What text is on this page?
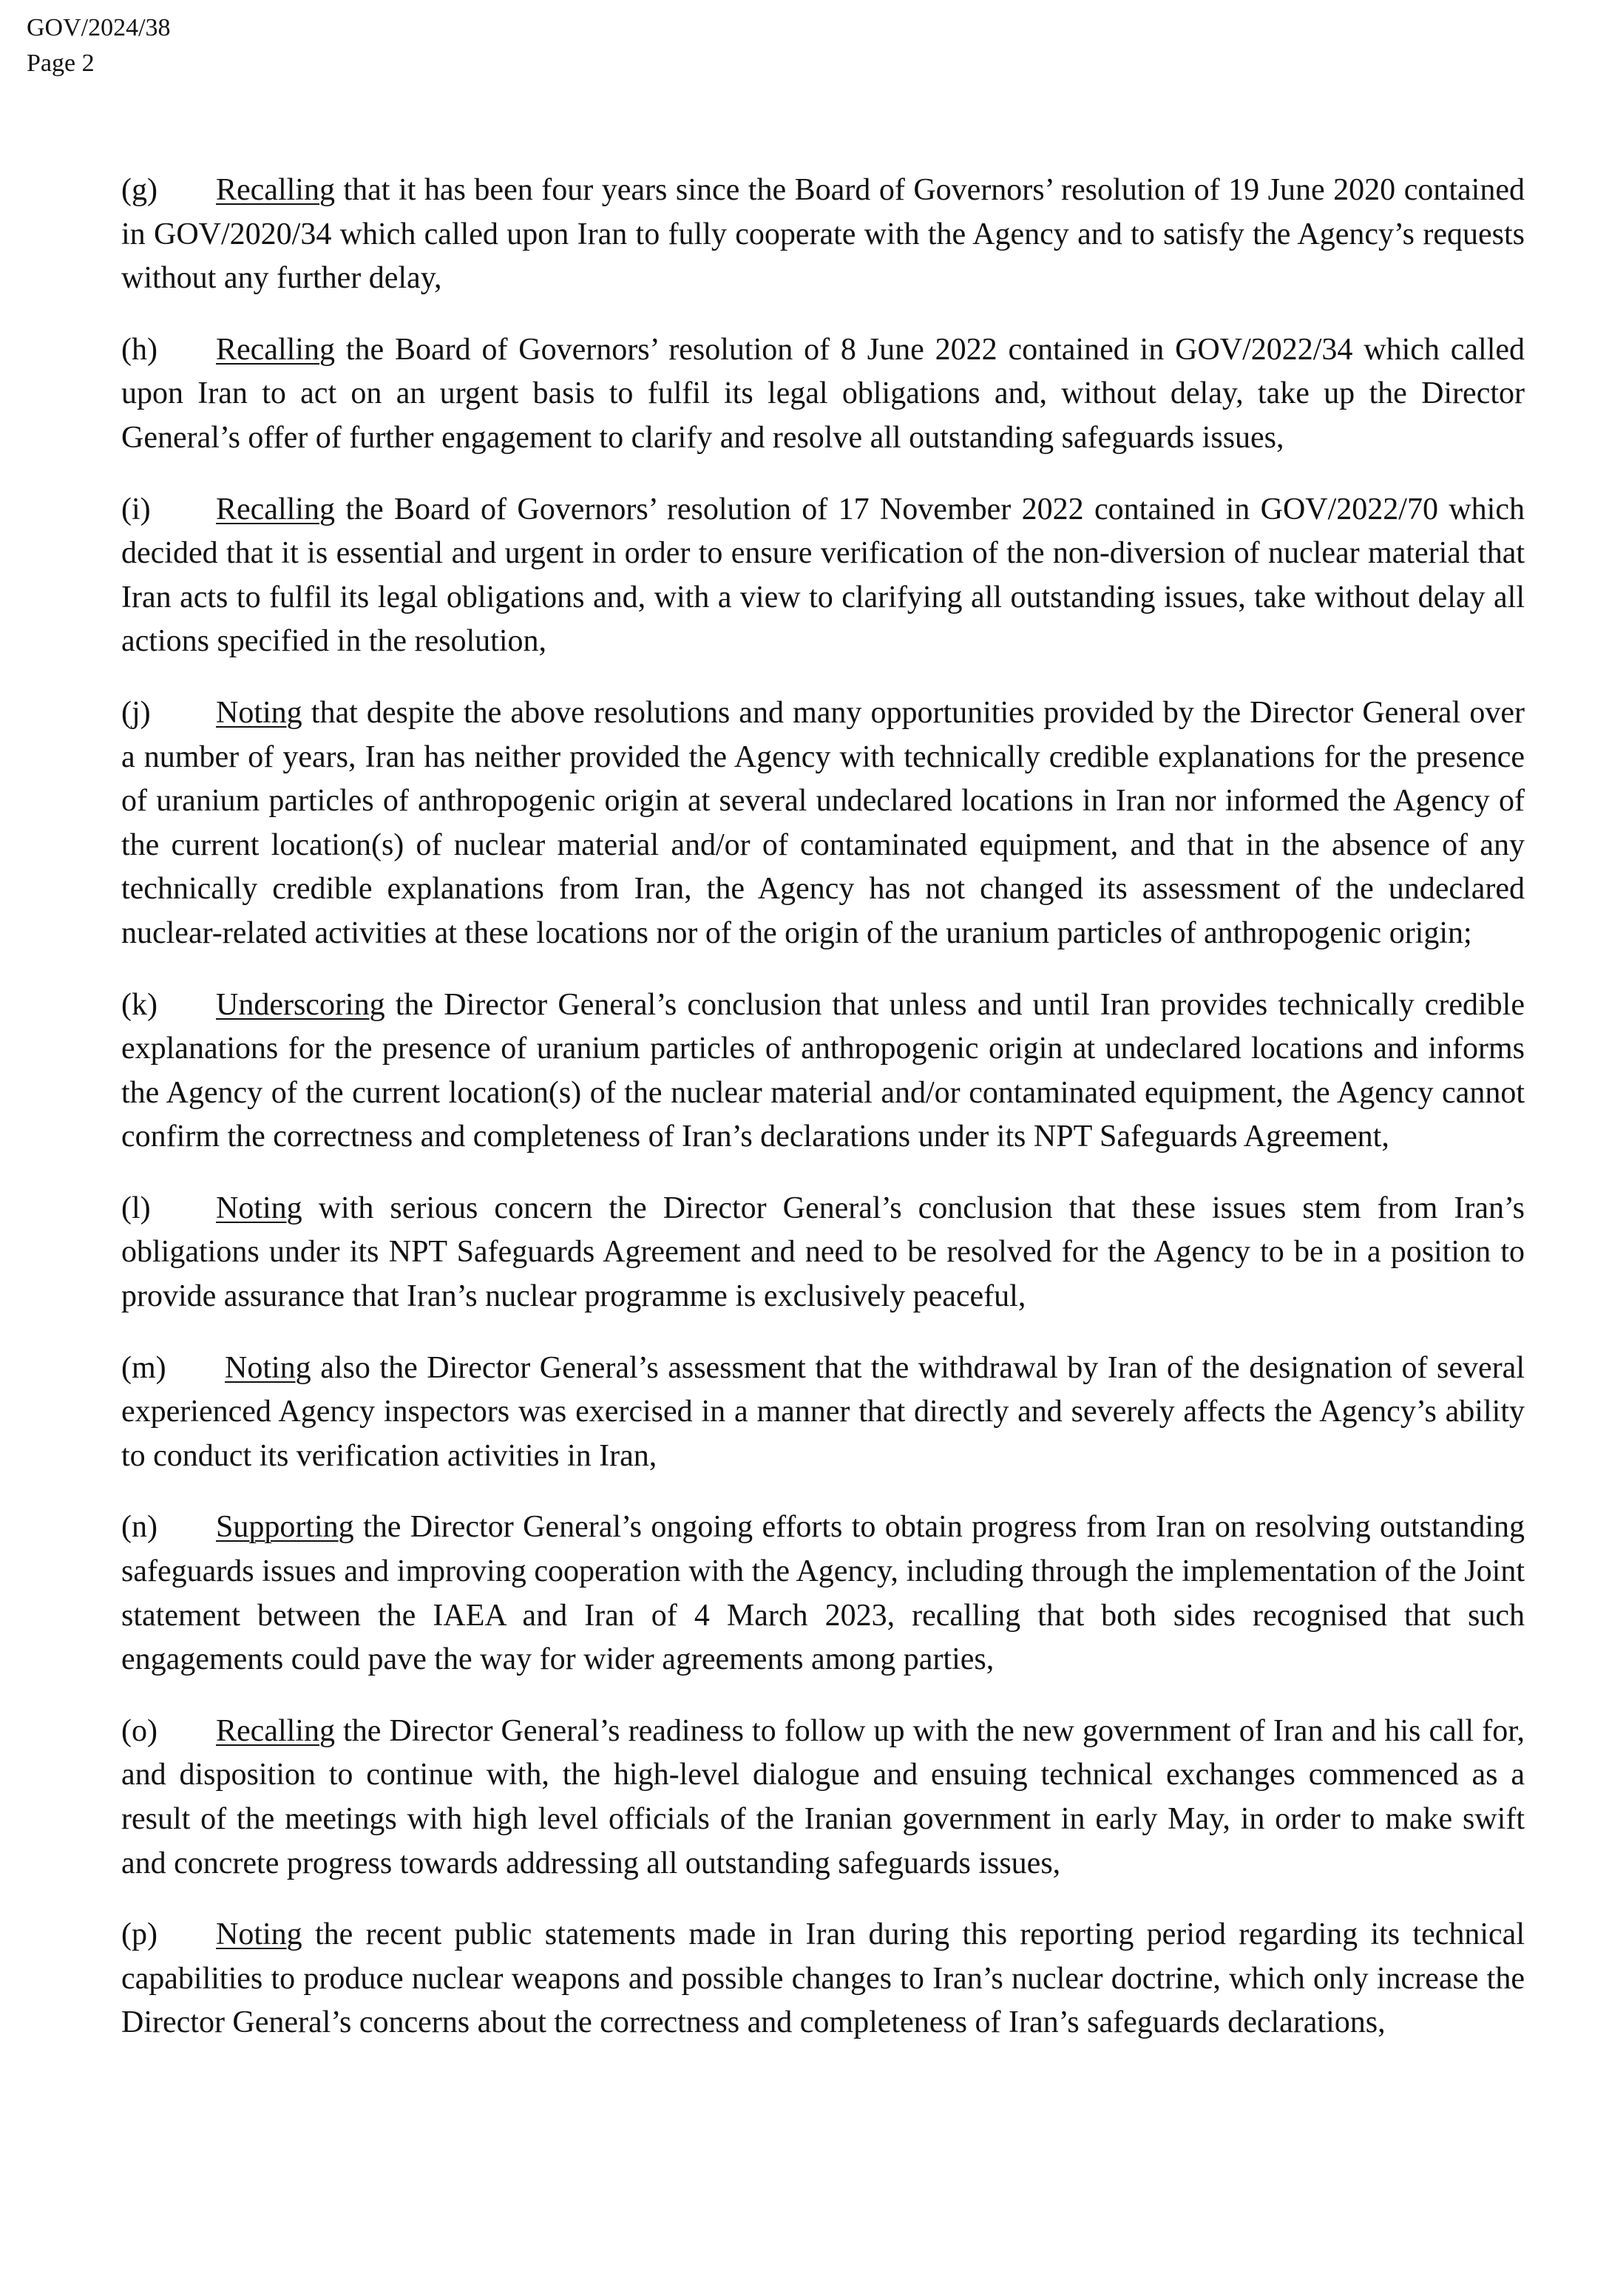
GOV/2024/38
Page 2

(g) Recalling that it has been four years since the Board of Governors’ resolution of 19 June 2020 contained in GOV/2020/34 which called upon Iran to fully cooperate with the Agency and to satisfy the Agency’s requests without any further delay,

(h) Recalling the Board of Governors’ resolution of 8 June 2022 contained in GOV/2022/34 which called upon Iran to act on an urgent basis to fulfil its legal obligations and, without delay, take up the Director General’s offer of further engagement to clarify and resolve all outstanding safeguards issues,

(i) Recalling the Board of Governors’ resolution of 17 November 2022 contained in GOV/2022/70 which decided that it is essential and urgent in order to ensure verification of the non-diversion of nuclear material that Iran acts to fulfil its legal obligations and, with a view to clarifying all outstanding issues, take without delay all actions specified in the resolution,

(j) Noting that despite the above resolutions and many opportunities provided by the Director General over a number of years, Iran has neither provided the Agency with technically credible explanations for the presence of uranium particles of anthropogenic origin at several undeclared locations in Iran nor informed the Agency of the current location(s) of nuclear material and/or of contaminated equipment, and that in the absence of any technically credible explanations from Iran, the Agency has not changed its assessment of the undeclared nuclear-related activities at these locations nor of the origin of the uranium particles of anthropogenic origin;

(k) Underscoring the Director General’s conclusion that unless and until Iran provides technically credible explanations for the presence of uranium particles of anthropogenic origin at undeclared locations and informs the Agency of the current location(s) of the nuclear material and/or contaminated equipment, the Agency cannot confirm the correctness and completeness of Iran’s declarations under its NPT Safeguards Agreement,

(l) Noting with serious concern the Director General’s conclusion that these issues stem from Iran’s obligations under its NPT Safeguards Agreement and need to be resolved for the Agency to be in a position to provide assurance that Iran’s nuclear programme is exclusively peaceful,

(m) Noting also the Director General’s assessment that the withdrawal by Iran of the designation of several experienced Agency inspectors was exercised in a manner that directly and severely affects the Agency’s ability to conduct its verification activities in Iran,

(n) Supporting the Director General’s ongoing efforts to obtain progress from Iran on resolving outstanding safeguards issues and improving cooperation with the Agency, including through the implementation of the Joint statement between the IAEA and Iran of 4 March 2023, recalling that both sides recognised that such engagements could pave the way for wider agreements among parties,

(o) Recalling the Director General’s readiness to follow up with the new government of Iran and his call for, and disposition to continue with, the high-level dialogue and ensuing technical exchanges commenced as a result of the meetings with high level officials of the Iranian government in early May, in order to make swift and concrete progress towards addressing all outstanding safeguards issues,

(p) Noting the recent public statements made in Iran during this reporting period regarding its technical capabilities to produce nuclear weapons and possible changes to Iran’s nuclear doctrine, which only increase the Director General’s concerns about the correctness and completeness of Iran’s safeguards declarations,
